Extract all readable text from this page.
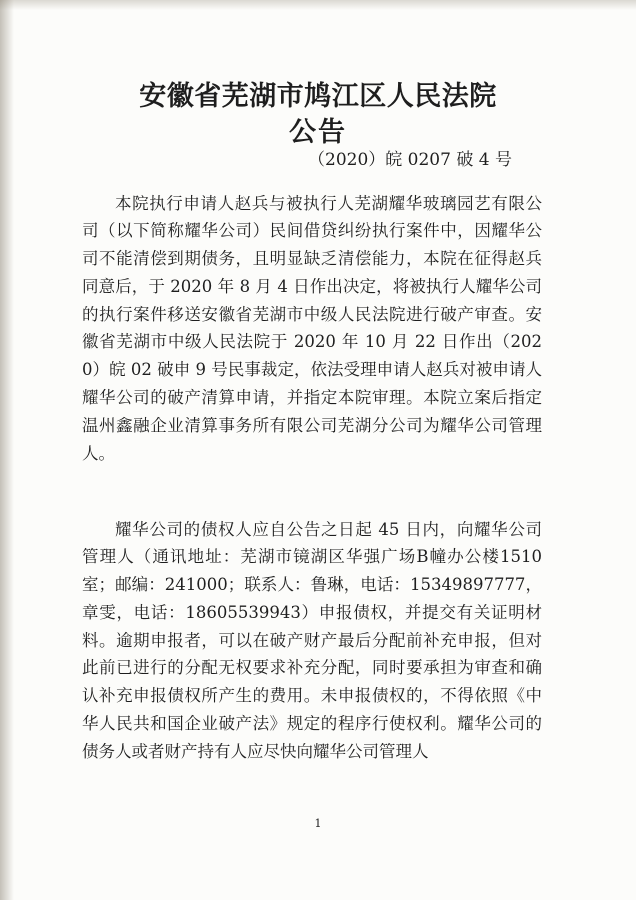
安徽省芜湖市鸠江区人民法院
公告
（2020）皖 0207 破 4 号

本院执行申请人赵兵与被执行人芜湖耀华玻璃园艺有限公司（以下简称耀华公司）民间借贷纠纷执行案件中，因耀华公司不能清偿到期债务，且明显缺乏清偿能力，本院在征得赵兵同意后，于 2020 年 8 月 4 日作出决定，将被执行人耀华公司的执行案件移送安徽省芜湖市中级人民法院进行破产审查。安徽省芜湖市中级人民法院于 2020 年 10 月 22 日作出（2020）皖 02 破申 9 号民事裁定，依法受理申请人赵兵对被申请人耀华公司的破产清算申请，并指定本院审理。本院立案后指定温州鑫融企业清算事务所有限公司芜湖分公司为耀华公司管理人。

耀华公司的债权人应自公告之日起 45 日内，向耀华公司管理人（通讯地址：芜湖市镜湖区华强广场B幢办公楼1510室；邮编：241000；联系人：鲁琳，电话：15349897777，章雯，电话：18605539943）申报债权，并提交有关证明材料。逾期申报者，可以在破产财产最后分配前补充申报，但对此前已进行的分配无权要求补充分配，同时要承担为审查和确认补充申报债权所产生的费用。未申报债权的，不得依照《中华人民共和国企业破产法》规定的程序行使权利。耀华公司的债务人或者财产持有人应尽快向耀华公司管理人

1
